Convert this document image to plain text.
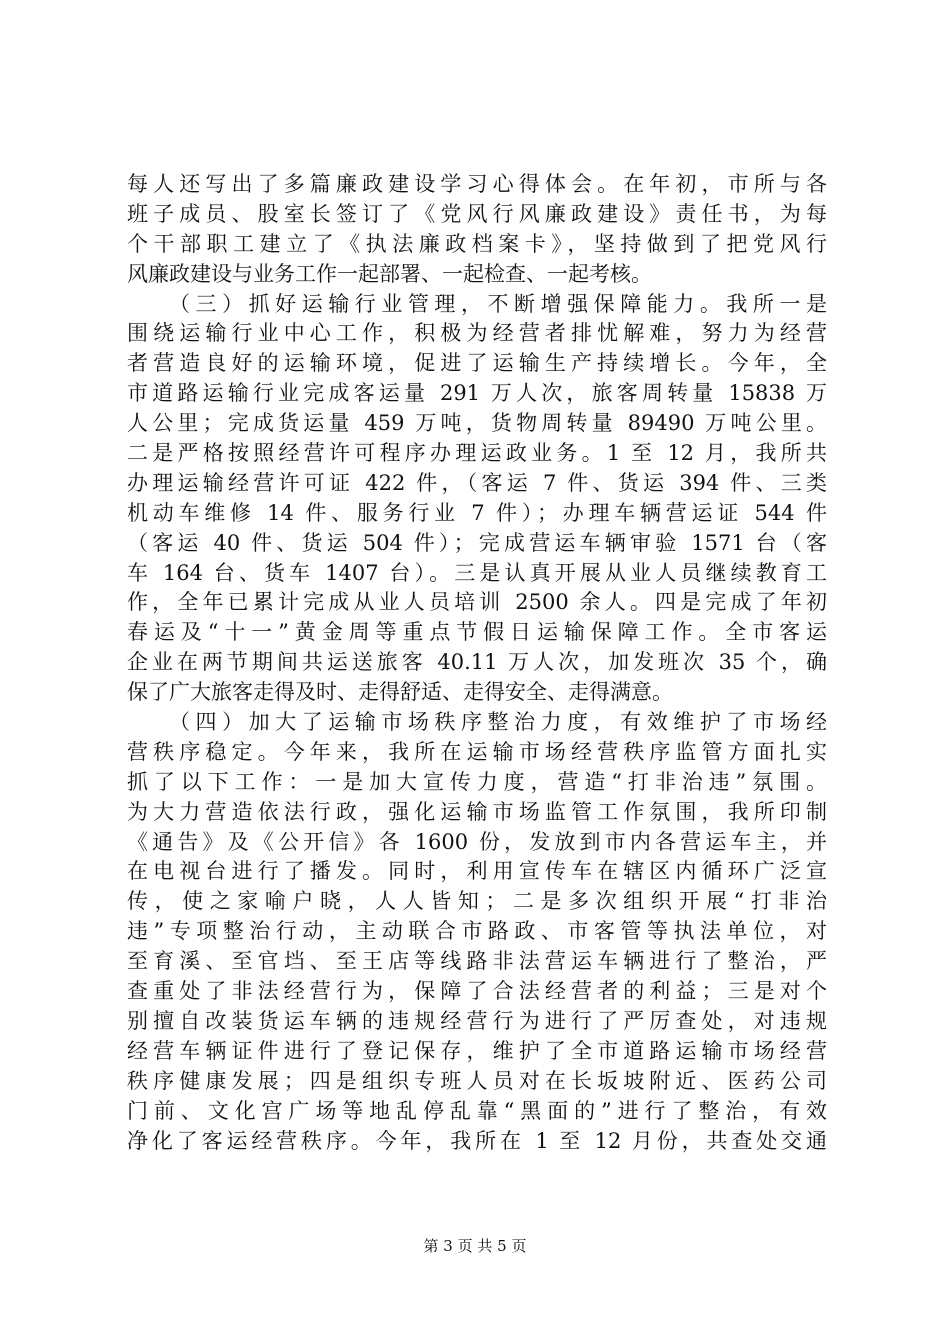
每人还写出了多篇廉政建设学习心得体会。在年初，市所与各
班子成员、股室长签订了《党风行风廉政建设》责任书，为每
个干部职工建立了《执法廉政档案卡》，坚持做到了把党风行
风廉政建设与业务工作一起部署、一起检查、一起考核。
（三）抓好运输行业管理，不断增强保障能力。我所一是
围绕运输行业中心工作，积极为经营者排忧解难，努力为经营
者营造良好的运输环境，促进了运输生产持续增长。今年，全
市道路运输行业完成客运量 291 万人次，旅客周转量 15838 万
人公里；完成货运量 459 万吨，货物周转量 89490 万吨公里。
二是严格按照经营许可程序办理运政业务。1 至 12 月，我所共
办理运输经营许可证 422 件，（客运 7 件、货运 394 件、三类
机动车维修 14 件、服务行业 7 件）；办理车辆营运证 544 件
（客运 40 件、货运 504 件）；完成营运车辆审验 1571 台（客
车 164 台、货车 1407 台）。三是认真开展从业人员继续教育工
作，全年已累计完成从业人员培训 2500 余人。四是完成了年初
春运及“十一”黄金周等重点节假日运输保障工作。全市客运
企业在两节期间共运送旅客 40.11 万人次，加发班次 35 个，确
保了广大旅客走得及时、走得舒适、走得安全、走得满意。
（四）加大了运输市场秩序整治力度，有效维护了市场经
营秩序稳定。今年来，我所在运输市场经营秩序监管方面扎实
抓了以下工作：一是加大宣传力度，营造“打非治违”氛围。
为大力营造依法行政，强化运输市场监管工作氛围，我所印制
《通告》及《公开信》各 1600 份，发放到市内各营运车主，并
在电视台进行了播发。同时，利用宣传车在辖区内循环广泛宣
传，使之家喻户晓，人人皆知；二是多次组织开展“打非治
违”专项整治行动，主动联合市路政、市客管等执法单位，对
至育溪、至官垱、至王店等线路非法营运车辆进行了整治，严
查重处了非法经营行为，保障了合法经营者的利益；三是对个
别擅自改装货运车辆的违规经营行为进行了严厉查处，对违规
经营车辆证件进行了登记保存，维护了全市道路运输市场经营
秩序健康发展；四是组织专班人员对在长坂坡附近、医药公司
门前、文化宫广场等地乱停乱靠“黑面的”进行了整治，有效
净化了客运经营秩序。今年，我所在 1 至 12 月份，共查处交通
第 3 页 共 5 页
